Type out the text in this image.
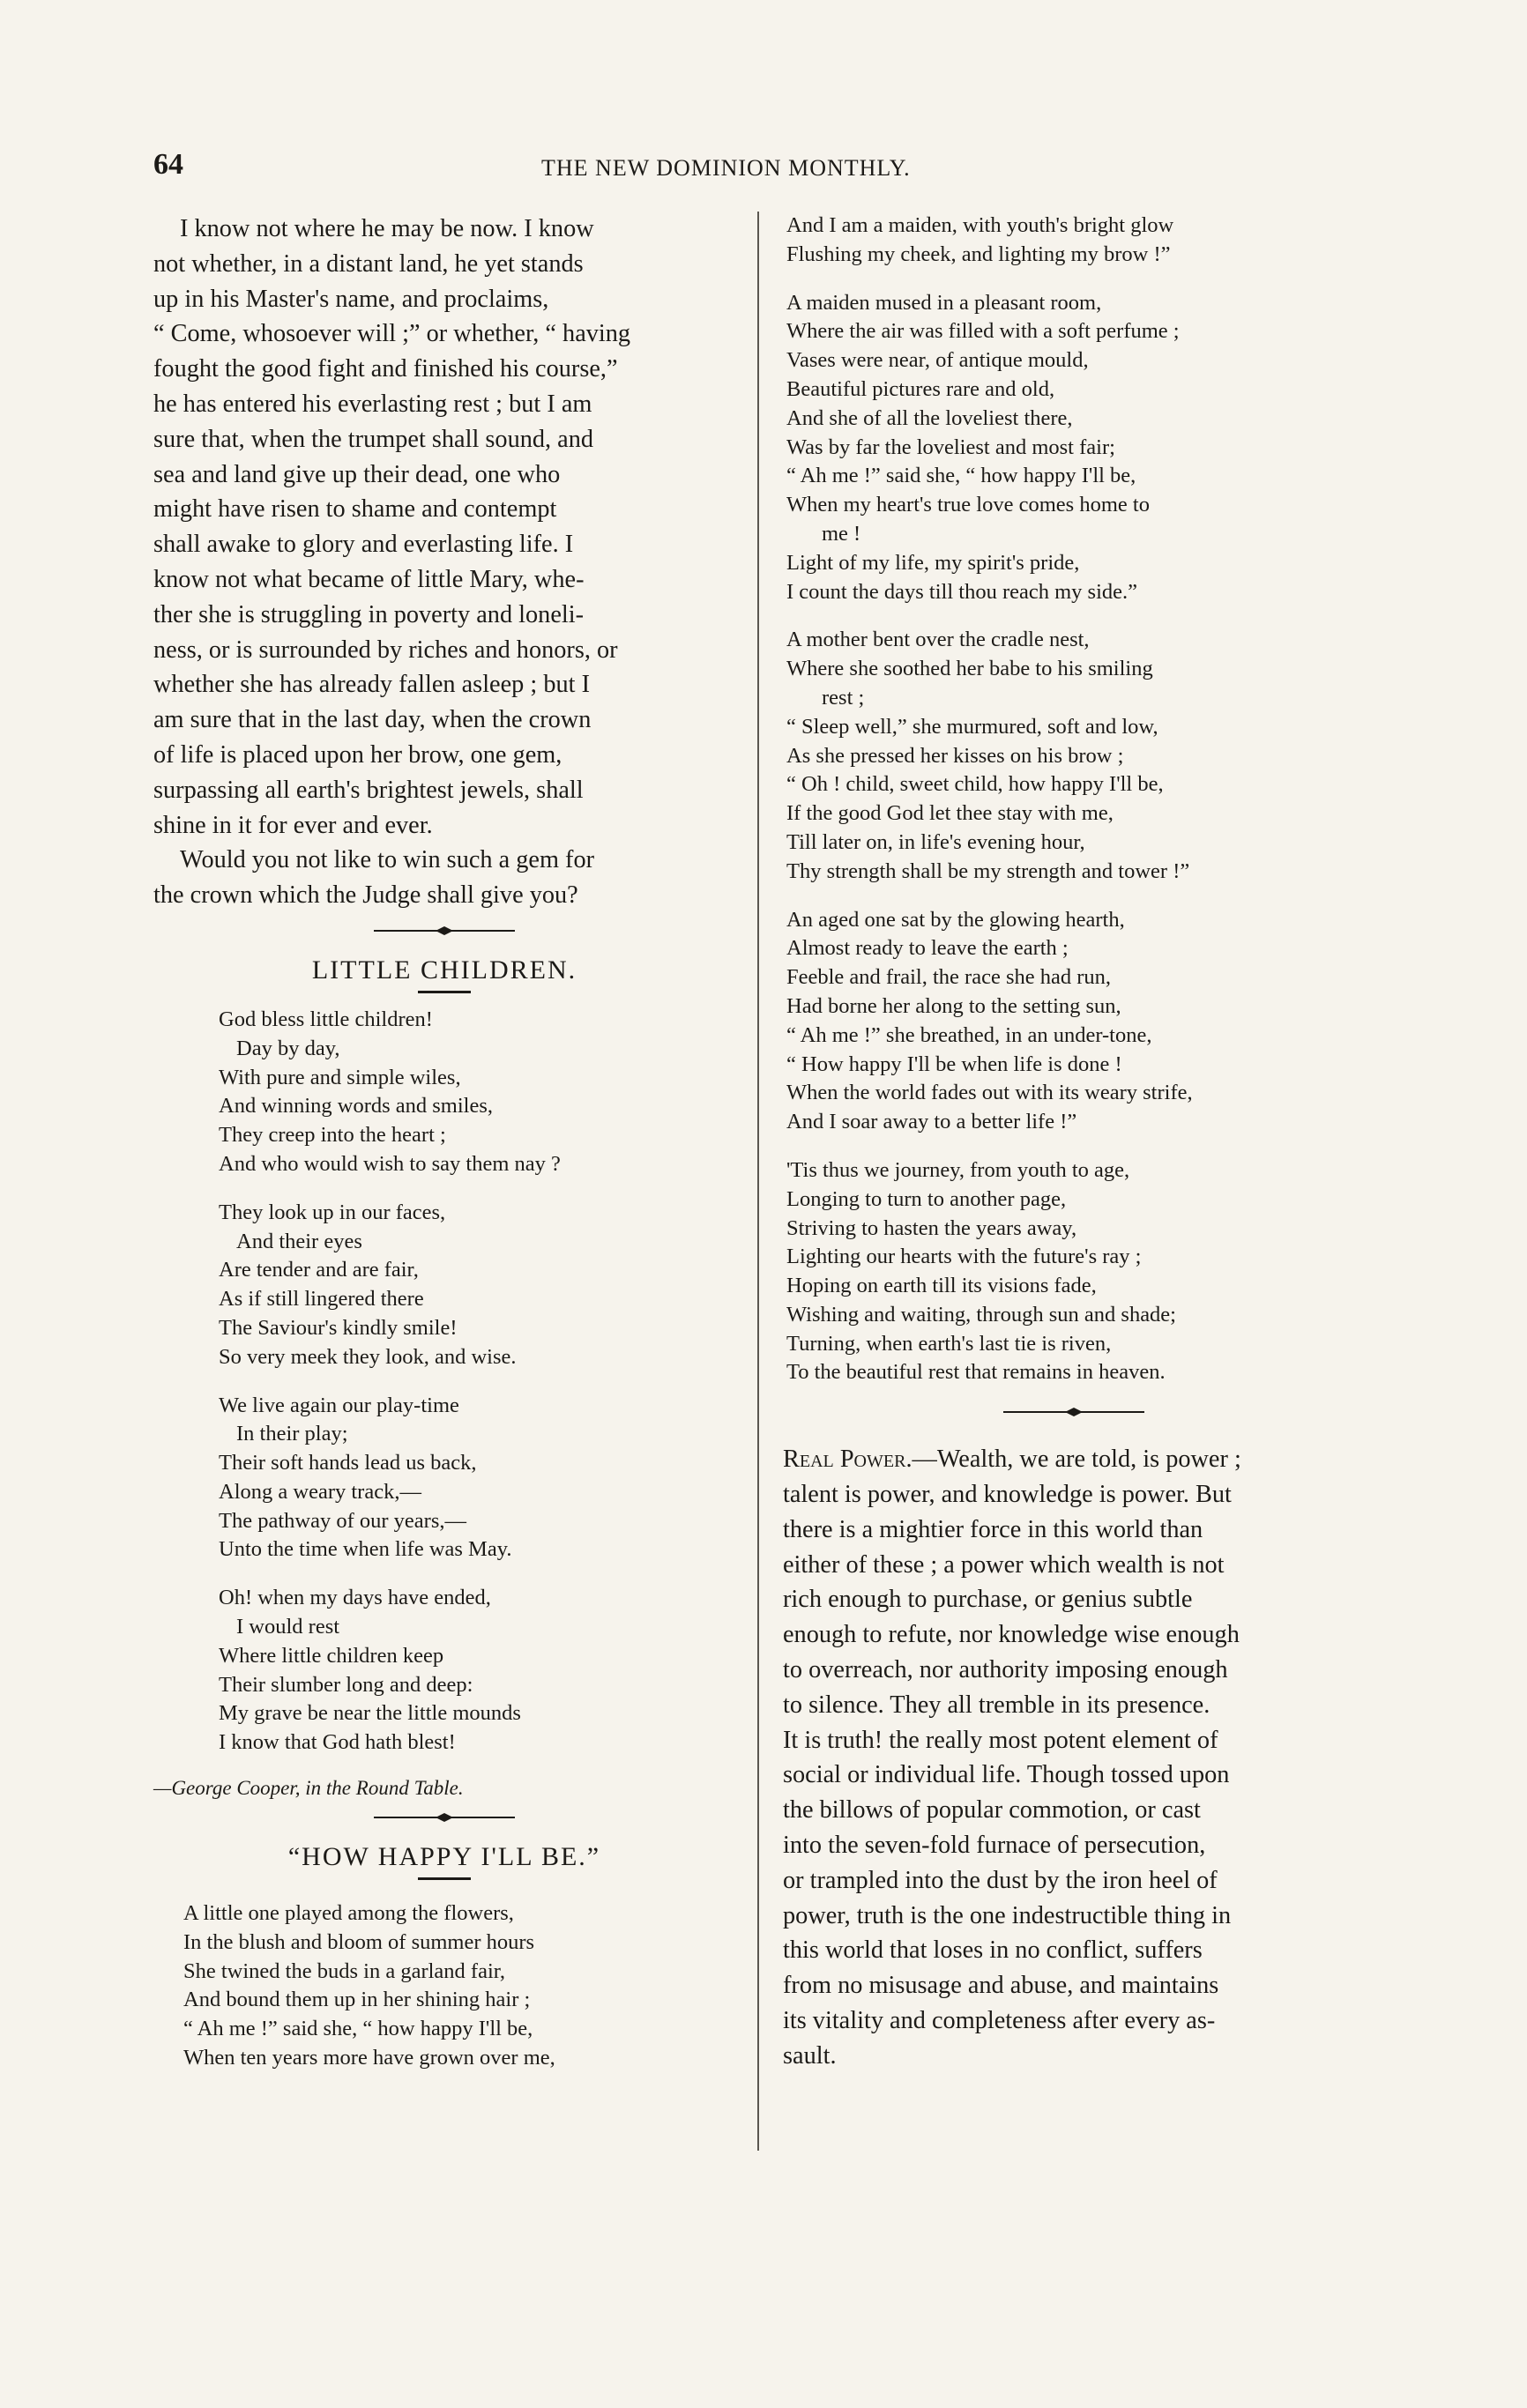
64	THE NEW DOMINION MONTHLY.
I know not where he may be now. I know
not whether, in a distant land, he yet stands
up in his Master's name, and proclaims,
“ Come, whosoever will ;” or whether, “ having
fought the good fight and finished his course,”
he has entered his everlasting rest ; but I am
sure that, when the trumpet shall sound, and
sea and land give up their dead, one who
might have risen to shame and contempt
shall awake to glory and everlasting life. I
know not what became of little Mary, whe-
ther she is struggling in poverty and loneli-
ness, or is surrounded by riches and honors, or
whether she has already fallen asleep ; but I
am sure that in the last day, when the crown
of life is placed upon her brow, one gem,
surpassing all earth's brightest jewels, shall
shine in it for ever and ever.
Would you not like to win such a gem for
the crown which the Judge shall give you?
LITTLE CHILDREN.
God bless little children!
Day by day,
With pure and simple wiles,
And winning words and smiles,
They creep into the heart ;
And who would wish to say them nay ?
They look up in our faces,
And their eyes
Are tender and are fair,
As if still lingered there
The Saviour's kindly smile!
So very meek they look, and wise.
We live again our play-time
In their play;
Their soft hands lead us back,
Along a weary track,—
The pathway of our years,—
Unto the time when life was May.
Oh! when my days have ended,
I would rest
Where little children keep
Their slumber long and deep:
My grave be near the little mounds
I know that God hath blest!
—George Cooper, in the Round Table.
“HOW HAPPY I'LL BE.”
A little one played among the flowers,
In the blush and bloom of summer hours
She twined the buds in a garland fair,
And bound them up in her shining hair ;
“ Ah me !” said she, “ how happy I'll be,
When ten years more have grown over me,
And I am a maiden, with youth's bright glow
Flushing my cheek, and lighting my brow !”
A maiden mused in a pleasant room,
Where the air was filled with a soft perfume ;
Vases were near, of antique mould,
Beautiful pictures rare and old,
And she of all the loveliest there,
Was by far the loveliest and most fair;
“ Ah me !” said she, “ how happy I'll be,
When my heart's true love comes home to
me !
Light of my life, my spirit's pride,
I count the days till thou reach my side.”
A mother bent over the cradle nest,
Where she soothed her babe to his smiling
rest ;
“ Sleep well,” she murmured, soft and low,
As she pressed her kisses on his brow ;
“ Oh ! child, sweet child, how happy I'll be,
If the good God let thee stay with me,
Till later on, in life's evening hour,
Thy strength shall be my strength and tower !”
An aged one sat by the glowing hearth,
Almost ready to leave the earth ;
Feeble and frail, the race she had run,
Had borne her along to the setting sun,
“ Ah me !” she breathed, in an under-tone,
“ How happy I'll be when life is done !
When the world fades out with its weary strife,
And I soar away to a better life !”
'Tis thus we journey, from youth to age,
Longing to turn to another page,
Striving to hasten the years away,
Lighting our hearts with the future's ray ;
Hoping on earth till its visions fade,
Wishing and waiting, through sun and shade;
Turning, when earth's last tie is riven,
To the beautiful rest that remains in heaven.
Real Power.—Wealth, we are told, is power ;
talent is power, and knowledge is power. But
there is a mightier force in this world than
either of these ; a power which wealth is not
rich enough to purchase, or genius subtle
enough to refute, nor knowledge wise enough
to overreach, nor authority imposing enough
to silence. They all tremble in its presence.
It is truth! the really most potent element of
social or individual life. Though tossed upon
the billows of popular commotion, or cast
into the seven-fold furnace of persecution,
or trampled into the dust by the iron heel of
power, truth is the one indestructible thing in
this world that loses in no conflict, suffers
from no misusage and abuse, and maintains
its vitality and completeness after every as-
sault.
